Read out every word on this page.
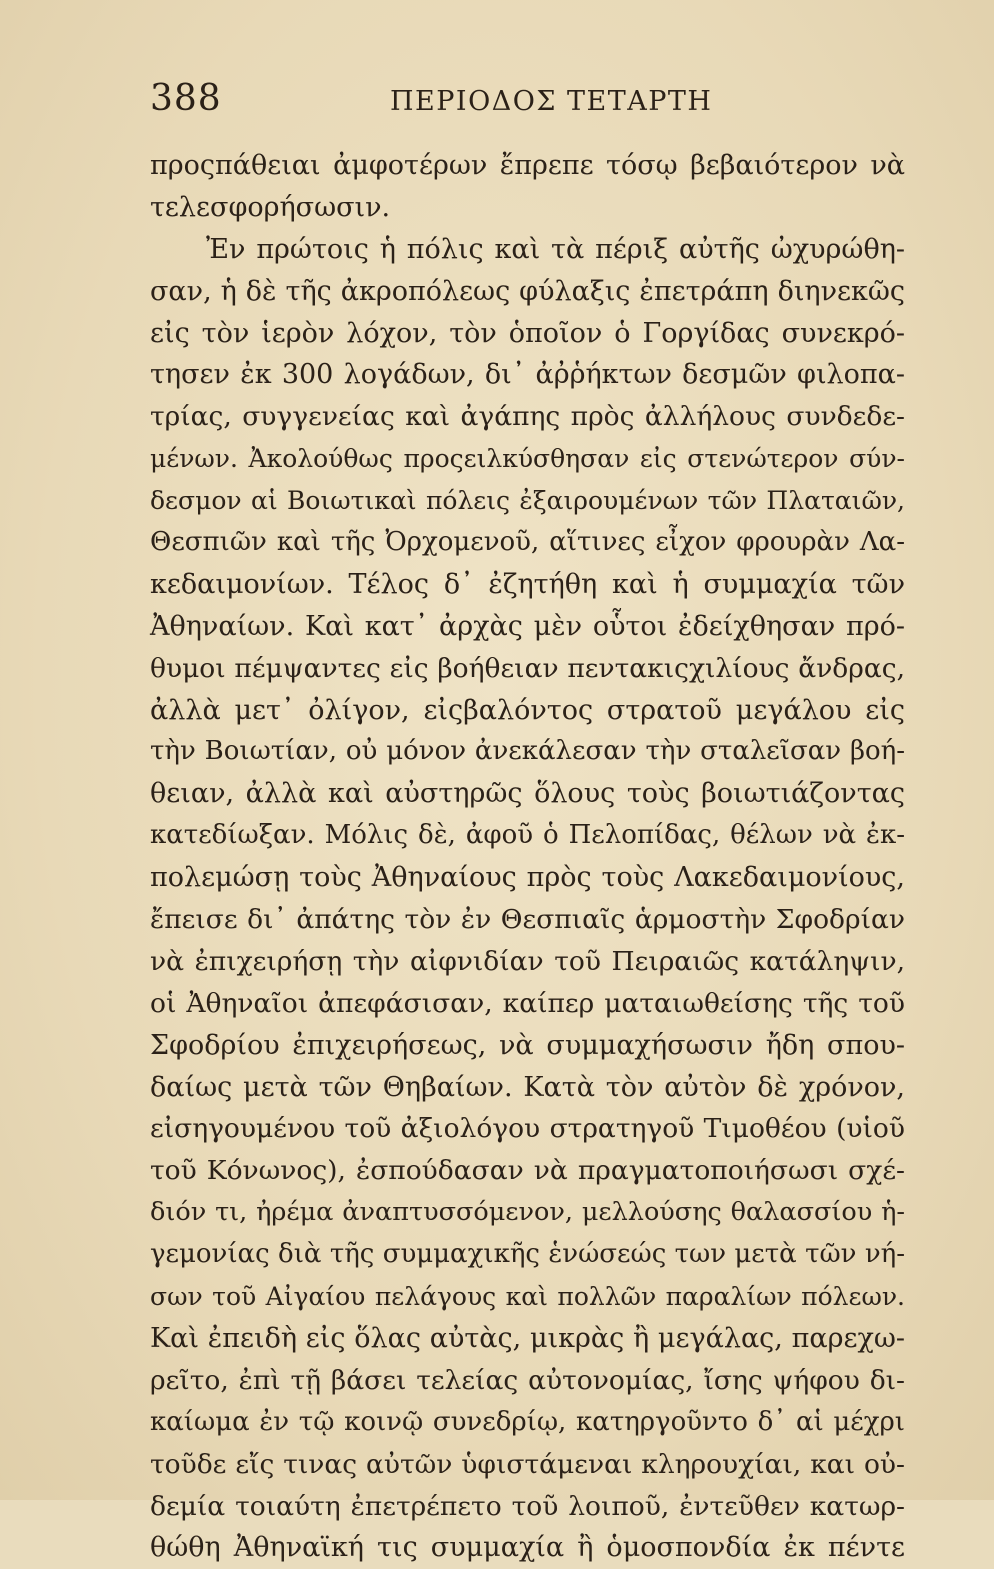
388	ΠΕΡΙΟΔΟΣ ΤΕΤΑΡΤΗ
προςπάθειαι ἀμφοτέρων ἔπρεπε τόσῳ βεβαιότερον νὰ
τελεσφορήσωσιν.
Ἐν πρώτοις ἡ πόλις καὶ τὰ πέριξ αὐτῆς ὠχυρώθη-
σαν, ἡ δὲ τῆς ἀκροπόλεως φύλαξις ἐπετράπη διηνεκῶς
εἰς τὸν ἱερὸν λόχον, τὸν ὁποῖον ὁ Γοργίδας συνεκρό-
τησεν ἐκ 300 λογάδων, δι᾽ ἀῤῥήκτων δεσμῶν φιλοπα-
τρίας, συγγενείας καὶ ἀγάπης πρὸς ἀλλήλους συνδεδε-
μένων. Ἀκολούθως προςειλκύσθησαν εἰς στενώτερον σύν-
δεσμον αἱ Βοιωτικαὶ πόλεις ἐξαιρουμένων τῶν Πλαταιῶν,
Θεσπιῶν καὶ τῆς Ὀρχομενοῦ, αἵτινες εἶχον φρουρὰν Λα-
κεδαιμονίων. Τέλος δ᾽ ἐζητήθη καὶ ἡ συμμαχία τῶν
Ἀθηναίων. Καὶ κατ᾽ ἀρχὰς μὲν οὗτοι ἐδείχθησαν πρό-
θυμοι πέμψαντες εἰς βοήθειαν πεντακιςχιλίους ἄνδρας,
ἀλλὰ μετ᾽ ὀλίγον, εἰςβαλόντος στρατοῦ μεγάλου εἰς
τὴν Βοιωτίαν, οὐ μόνον ἀνεκάλεσαν τὴν σταλεῖσαν βοή-
θειαν, ἀλλὰ καὶ αὐστηρῶς ὅλους τοὺς βοιωτιάζοντας
κατεδίωξαν. Μόλις δὲ, ἀφοῦ ὁ Πελοπίδας, θέλων νὰ ἐκ-
πολεμώσῃ τοὺς Ἀθηναίους πρὸς τοὺς Λακεδαιμονίους,
ἔπεισε δι᾽ ἀπάτης τὸν ἐν Θεσπιαῖς ἁρμοστὴν Σφοδρίαν
νὰ ἐπιχειρήσῃ τὴν αἰφνιδίαν τοῦ Πειραιῶς κατάληψιν,
οἱ Ἀθηναῖοι ἀπεφάσισαν, καίπερ ματαιωθείσης τῆς τοῦ
Σφοδρίου ἐπιχειρήσεως, νὰ συμμαχήσωσιν ἤδη σπου-
δαίως μετὰ τῶν Θηβαίων. Κατὰ τὸν αὐτὸν δὲ χρόνον,
εἰσηγουμένου τοῦ ἀξιολόγου στρατηγοῦ Τιμοθέου (υἱοῦ
τοῦ Κόνωνος), ἐσπούδασαν νὰ πραγματοποιήσωσι σχέ-
διόν τι, ἠρέμα ἀναπτυσσόμενον, μελλούσης θαλασσίου ἡ-
γεμονίας διὰ τῆς συμμαχικῆς ἑνώσεώς των μετὰ τῶν νή-
σων τοῦ Αἰγαίου πελάγους καὶ πολλῶν παραλίων πόλεων.
Καὶ ἐπειδὴ εἰς ὅλας αὐτὰς, μικρὰς ἢ μεγάλας, παρεχω-
ρεῖτο, ἐπὶ τῇ βάσει τελείας αὐτονομίας, ἴσης ψήφου δι-
καίωμα ἐν τῷ κοινῷ συνεδρίῳ, κατηργοῦντο δ᾽ αἱ μέχρι
τοῦδε εἴς τινας αὐτῶν ὑφιστάμεναι κληρουχίαι, και οὐ-
δεμία τοιαύτη ἐπετρέπετο τοῦ λοιποῦ, ἐντεῦθεν κατωρ-
θώθη Ἀθηναϊκή τις συμμαχία ἢ ὁμοσπονδία ἐκ πέντε
